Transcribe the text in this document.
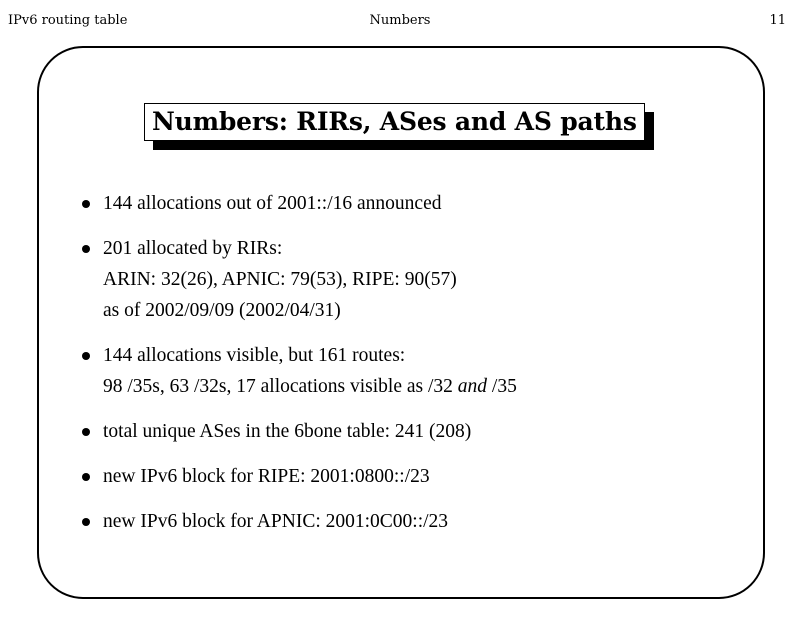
IPv6 routing table	Numbers	11
Numbers: RIRs, ASes and AS paths
144 allocations out of 2001::/16 announced
201 allocated by RIRs:
ARIN: 32(26), APNIC: 79(53), RIPE: 90(57)
as of 2002/09/09 (2002/04/31)
144 allocations visible, but 161 routes:
98 /35s, 63 /32s, 17 allocations visible as /32 and /35
total unique ASes in the 6bone table: 241 (208)
new IPv6 block for RIPE: 2001:0800::/23
new IPv6 block for APNIC: 2001:0C00::/23
